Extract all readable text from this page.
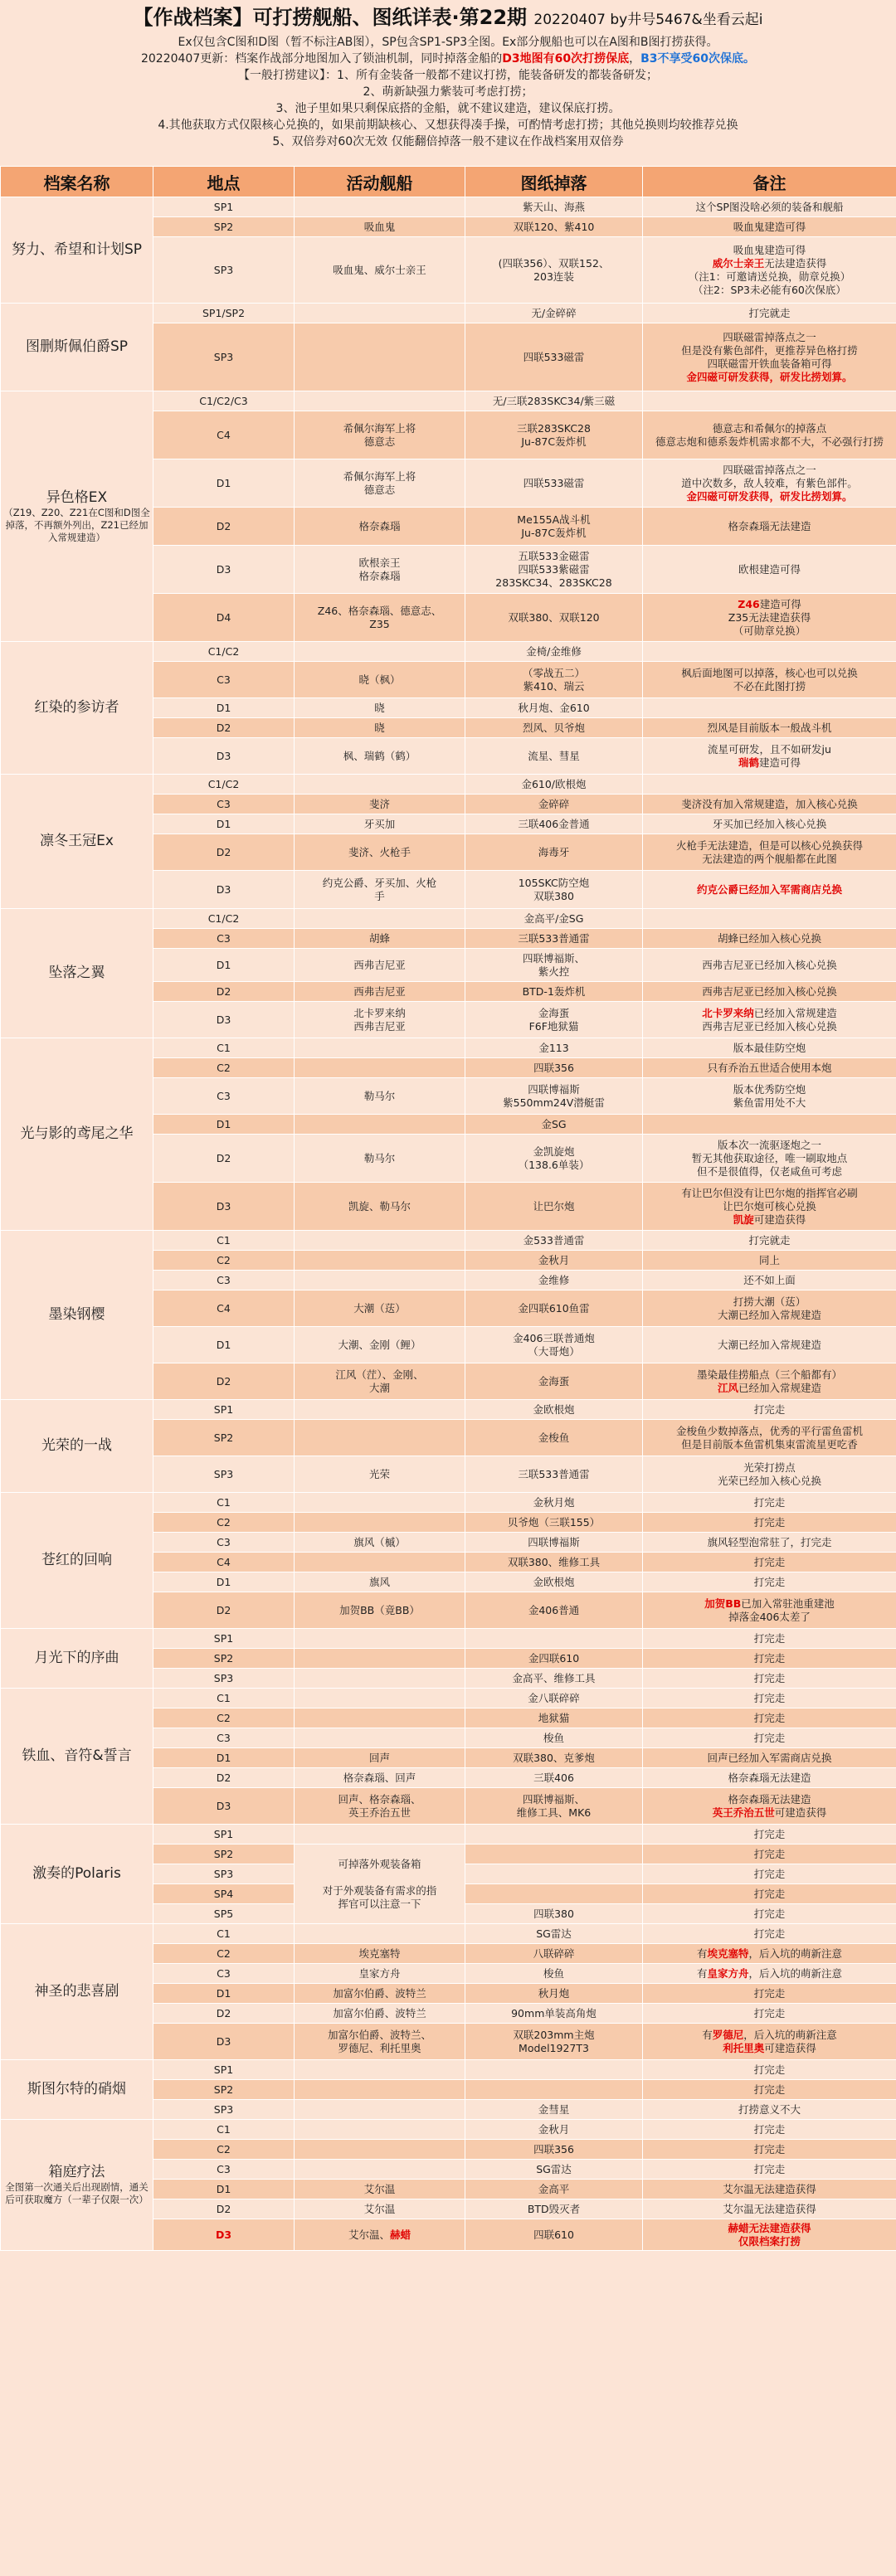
【作战档案】可打捞舰船、图纸详表·第22期 20220407 by井号5467&坐看云起i
Ex仅包含C图和D图（暂不标注AB图），SP包含SP1-SP3全图。Ex部分舰船也可以在A图和B图打捞获得。
20220407更新：档案作战部分地图加入了锁油机制，同时掉落金船的D3地图有60次打捞保底，B3不享受60次保底。
【一般打捞建议】：1、所有金装备一般都不建议打捞，能装备研发的都装备研发；
2、萌新缺强力紫装可考虑打捞；
3、池子里如果只剩保底搭的金船，就不建议建造，建议保底打捞。
4.其他获取方式仅限核心兑换的，如果前期缺核心、又想获得凑手操，可酌情考虑打捞；其他兑换则均较推荐兑换
5、双倍券对60次无效 仅能翻倍掉落一般不建议在作战档案用双倍券
档案名称	地点	活动舰船	图纸掉落	备注
努力、希望和计划SP	SP1		紫天山、海燕	这个SP图没啥必须的装备和舰船
	SP2	吸血鬼	双联120、紫410	吸血鬼建造可得
	SP3	吸血鬼、威尔士亲王	(四联356）、双联152、
203连装	吸血鬼建造可得
威尔士亲王无法建造获得
（注1：可邀请送兑换，勋章兑换）
（注2：SP3未必能有60次保底）
图删斯佩伯爵SP	SP1/SP2		无/金碎碎	打完就走
	SP3		四联533磁雷	四联磁雷掉落点之一
但是没有紫色部件，更推荐异色格打捞
四联磁雷开铁血装备箱可得
金四磁可研发获得，研发比捞划算。
异色格EX
（Z19、Z20、Z21在C图和D图全掉落，不再额外列出，Z21已经加入常规建造）	C1/C2/C3		无/三联283SKC34/紫三磁	
	C4	希佩尔海军上将
德意志	三联283SKC28
Ju-87C轰炸机	德意志和希佩尔的掉落点
德意志炮和德系轰炸机需求都不大，不必强行打捞
	D1	希佩尔海军上将
德意志	四联533磁雷	四联磁雷掉落点之一
道中次数多，敌人较难，有紫色部件。
金四磁可研发获得，研发比捞划算。
	D2	格奈森瑙	Me155A战斗机
Ju-87C轰炸机	格奈森瑙无法建造
	D3	欧根亲王
格奈森瑙	五联533金磁雷
四联533紫磁雷
283SKC34、283SKC28	欧根建造可得
	D4	Z46、格奈森瑙、德意志、
Z35	双联380、双联120	Z46建造可得
Z35无法建造获得
（可勋章兑换）
红染的参访者	C1/C2		金椅/金维修	
	C3	晓（枫）	（零战五二）
紫410、瑞云	枫后面地图可以掉落，核心也可以兑换
不必在此图打捞
	D1	晓	秋月炮、金610	
	D2	晓	烈风、贝爷炮	烈风是目前版本一般战斗机
	D3	枫、瑞鹤（鹤）	流星、彗星	流星可研发，且不如研发ju
瑞鹤建造可得
凛冬王冠Ex	C1/C2		金610/欧根炮	
	C3	斐济	金碎碎	斐济没有加入常规建造，加入核心兑换
	D1	牙买加	三联406金普通	牙买加已经加入核心兑换
	D2	斐济、火枪手	海毒牙	火枪手无法建造，但是可以核心兑换获得
无法建造的两个舰船都在此图
	D3	约克公爵、牙买加、火枪
手	105SKC防空炮
双联380	约克公爵已经加入军需商店兑换
坠落之翼	C1/C2		金高平/金SG	
	C3	胡蜂	三联533普通雷	胡蜂已经加入核心兑换
	D1	西弗吉尼亚	四联博福斯、
紫火控	西弗吉尼亚已经加入核心兑换
	D2	西弗吉尼亚	BTD-1轰炸机	西弗吉尼亚已经加入核心兑换
	D3	北卡罗来纳
西弗吉尼亚	金海蛋
F6F地狱猫	北卡罗来纳已经加入常规建造
西弗吉尼亚已经加入核心兑换
光与影的鸢尾之华	C1		金113	版本最佳防空炮
	C2		四联356	只有乔治五世适合使用本炮
	C3	勒马尔	四联博福斯
紫550mm24V潜艇雷	版本优秀防空炮
紫鱼雷用处不大
	D1		金SG	
	D2	勒马尔	金凯旋炮
（138.6单装）	版本次一流驱逐炮之一
暂无其他获取途径，唯一刷取地点
但不是很值得，仅老咸鱼可考虑
	D3	凯旋、勒马尔	让巴尔炮	有让巴尔但没有让巴尔炮的指挥官必刷
让巴尔炮可核心兑换
凯旋可建造获得
墨染钢樱	C1		金533普通雷	打完就走
	C2		金秋月	同上
	C3		金维修	还不如上面
	C4	大潮（荙）	金四联610鱼雷	打捞大潮（荙）
大潮已经加入常规建造
	D1	大潮、金刚（鲤）	金406三联普通炮
（大哥炮）	大潮已经加入常规建造
	D2	江风（茳）、金刚、
大潮	金海蛋	墨染最佳捞船点（三个船都有）
江风已经加入常规建造
光荣的一战	SP1		金欧根炮	打完走
	SP2		金梭鱼	金梭鱼少数掉落点，优秀的平行雷鱼雷机
但是目前版本鱼雷机集束雷流星更吃香
	SP3	光荣	三联533普通雷	光荣打捞点
光荣已经加入核心兑换
苍红的回响	C1		金秋月炮	打完走
	C2		贝爷炮（三联155）	打完走
	C3	旗风（槭）	四联博福斯	旗风轻型泡常驻了，打完走
	C4		双联380、维修工具	打完走
	D1	旗风	金欧根炮	打完走
	D2	加贺BB（竟BB）	金406普通	加贺BB已加入常驻池重建池
掉落金406太差了
月光下的序曲	SP1			打完走
	SP2		金四联610	打完走
	SP3		金高平、维修工具	打完走
铁血、音符&誓言	C1		金八联碎碎	打完走
	C2		地狱猫	打完走
	C3		梭鱼	打完走
	D1	回声	双联380、克爹炮	回声已经加入军需商店兑换
	D2	格奈森瑙、回声	三联406	格奈森瑙无法建造
	D3	回声、格奈森瑙、
英王乔治五世	四联博福斯、
维修工具、MK6	格奈森瑙无法建造
英王乔治五世可建造获得
激奏的Polaris	SP1			打完走
	SP2	可掉落外观装备箱

对于外观装备有需求的指
挥官可以注意一下		打完走
	SP3			打完走
	SP4			打完走
	SP5		四联380	打完走
神圣的悲喜剧	C1		SG雷达	打完走
	C2	埃克塞特	八联碎碎	有埃克塞特，后入坑的萌新注意
	C3	皇家方舟	梭鱼	有皇家方舟，后入坑的萌新注意
	D1	加富尔伯爵、波特兰	秋月炮	打完走
	D2	加富尔伯爵、波特兰	90mm单装高角炮	打完走
	D3	加富尔伯爵、波特兰、
罗德尼、利托里奥	双联203mm主炮
Model1927T3	有罗德尼，后入坑的萌新注意
利托里奥可建造获得
斯图尔特的硝烟	SP1			打完走
	SP2			打完走
	SP3		金彗星	打捞意义不大
箱庭疗法
全图第一次通关后出现剧情，通关后可获取魔方（一辈子仅限一次）	C1		金秋月	打完走
	C2		四联356	打完走
	C3		SG雷达	打完走
	D1	艾尔温	金高平	艾尔温无法建造获得
	D2	艾尔温	BTD毁灭者	艾尔温无法建造获得
	D3	艾尔温、赫蜡	四联610	赫蜡无法建造获得
仅限档案打捞
